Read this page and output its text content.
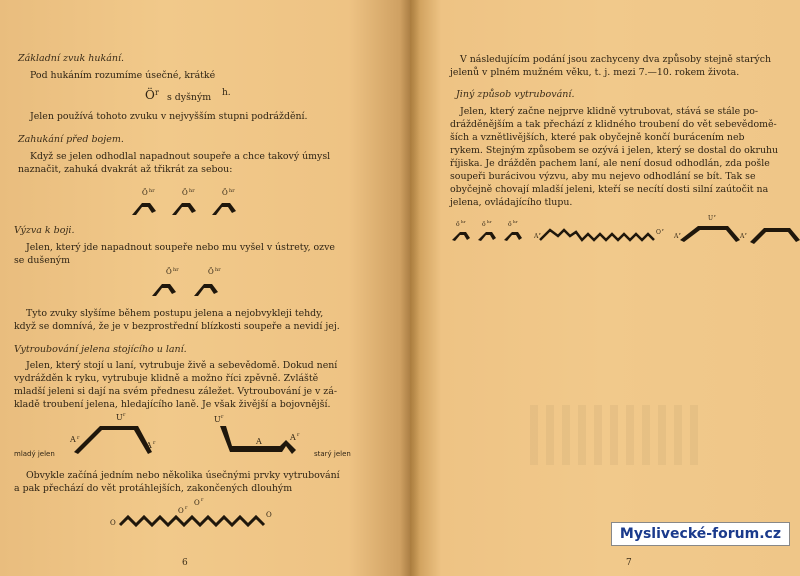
Základní zvuk hukání.
Pod hukáním rozumíme úsečné, krátké
Ö r s dyšným h.
Jelen používá tohoto zvuku v nejvyšším stupni podráždění.
Zahukání před bojem.
Když se jelen odhodlal napadnout soupeře a chce takový úmysl
naznačit, zahuká dvakrát až třikrát za sebou:
Ö hr	Ö hr	Ö hr
Výzva k boji.
Jelen, který jde napadnout soupeře nebo mu vyšel v ústrety, ozve
se dušeným
Ö hr	Ö hr
Tyto zvuky slyšíme během postupu jelena a nejobvykleji tehdy,
když se domnívá, že je v bezprostřední blízkosti soupeře a nevidí jej.
Vytroubování jelena stojícího u laní.
Jelen, který stojí u laní, vytrubuje živě a sebevědomě. Dokud není
vydrážděn k ryku, vytrubuje klidně a možno říci zpěvně. Zvláště
mladší jeleni si dají na svém přednesu záležet. Vytroubování je v zá-
kladě troubení jelena, hledajícího laně. Je však živější a bojovnější.
U r
A r
A r
U r
A	A r
mladý jelen	starý jelen
Obvykle začíná jedním nebo několika úsečnými prvky vytrubování
a pak přechází do vět protáhlejších, zakončených dlouhým
O
O r
O r
O
6
V následujícím podání jsou zachyceny dva způsoby stejně starých
jelenů v plném mužném věku, t. j. mezi 7.—10. rokem života.
Jiný způsob vytrubování.
Jelen, který začne nejprve klidně vytrubovat, stává se stále po-
drážděnějším a tak přechází z klidného troubení do vět sebevědomě-
ších a vznětlivějších, které pak obyčejně končí burácením neb
rykem. Stejným způsobem se ozývá i jelen, který se dostal do okruhu
říjiska. Je drážděn pachem laní, ale není dosud odhodlán, zda pošle
soupeři burácivou výzvu, aby mu nejevo odhodlání se bít. Tak se
obyčejně chovají mladší jeleni, kteří se necítí dosti silní zaútočit na
jelena, ovládajícího tlupu.
ö hr	ö hr	ö hr
A r	O r
U r
A r	A r
7
Myslivecké-forum.cz
